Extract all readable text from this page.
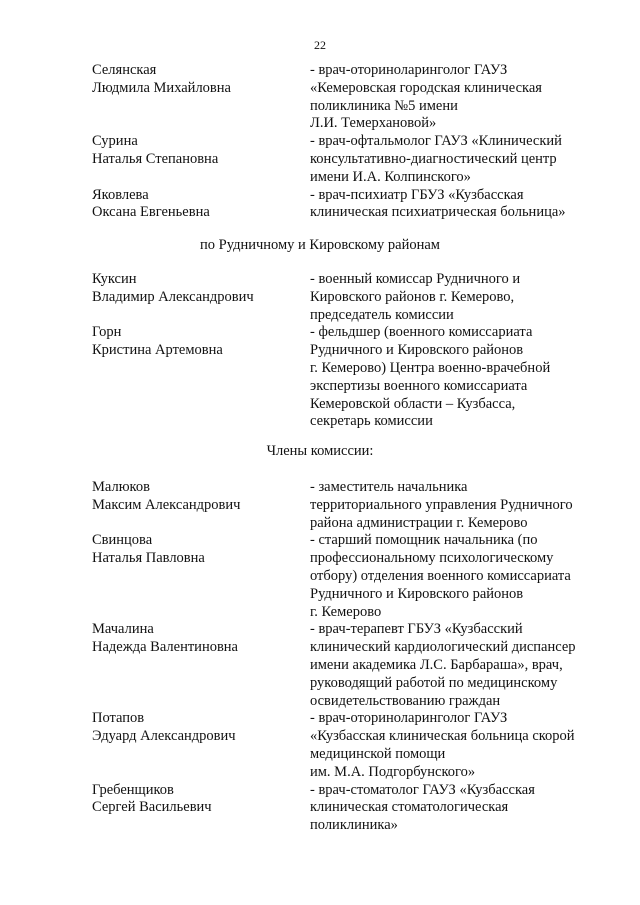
22
Селянская
Людмила Михайловна
- врач-оториноларинголог ГАУЗ
«Кемеровская городская клиническая
поликлиника №5 имени
Л.И. Темерхановой»
Сурина
Наталья Степановна
- врач-офтальмолог ГАУЗ «Клинический
консультативно-диагностический центр
имени И.А. Колпинского»
Яковлева
Оксана Евгеньевна
- врач-психиатр ГБУЗ «Кузбасская
клиническая психиатрическая больница»
по Рудничному и Кировскому районам
Куксин
Владимир Александрович
- военный комиссар Рудничного и
Кировского районов г. Кемерово,
председатель комиссии
Горн
Кристина Артемовна
- фельдшер (военного комиссариата
Рудничного и Кировского районов
г. Кемерово) Центра военно-врачебной
экспертизы военного комиссариата
Кемеровской области – Кузбасса,
секретарь комиссии
Члены комиссии:
Малюков
Максим Александрович
- заместитель начальника
территориального управления Рудничного
района администрации г. Кемерово
Свинцова
Наталья Павловна
- старший помощник начальника (по
профессиональному психологическому
отбору) отделения военного комиссариата
Рудничного и Кировского районов
г. Кемерово
Мачалина
Надежда Валентиновна
- врач-терапевт ГБУЗ «Кузбасский
клинический кардиологический диспансер
имени академика Л.С. Барбараша», врач,
руководящий работой по медицинскому
освидетельствованию граждан
Потапов
Эдуард Александрович
- врач-оториноларинголог ГАУЗ
«Кузбасская клиническая больница скорой
медицинской помощи
им. М.А. Подгорбунского»
Гребенщиков
Сергей Васильевич
- врач-стоматолог ГАУЗ «Кузбасская
клиническая стоматологическая
поликлиника»
